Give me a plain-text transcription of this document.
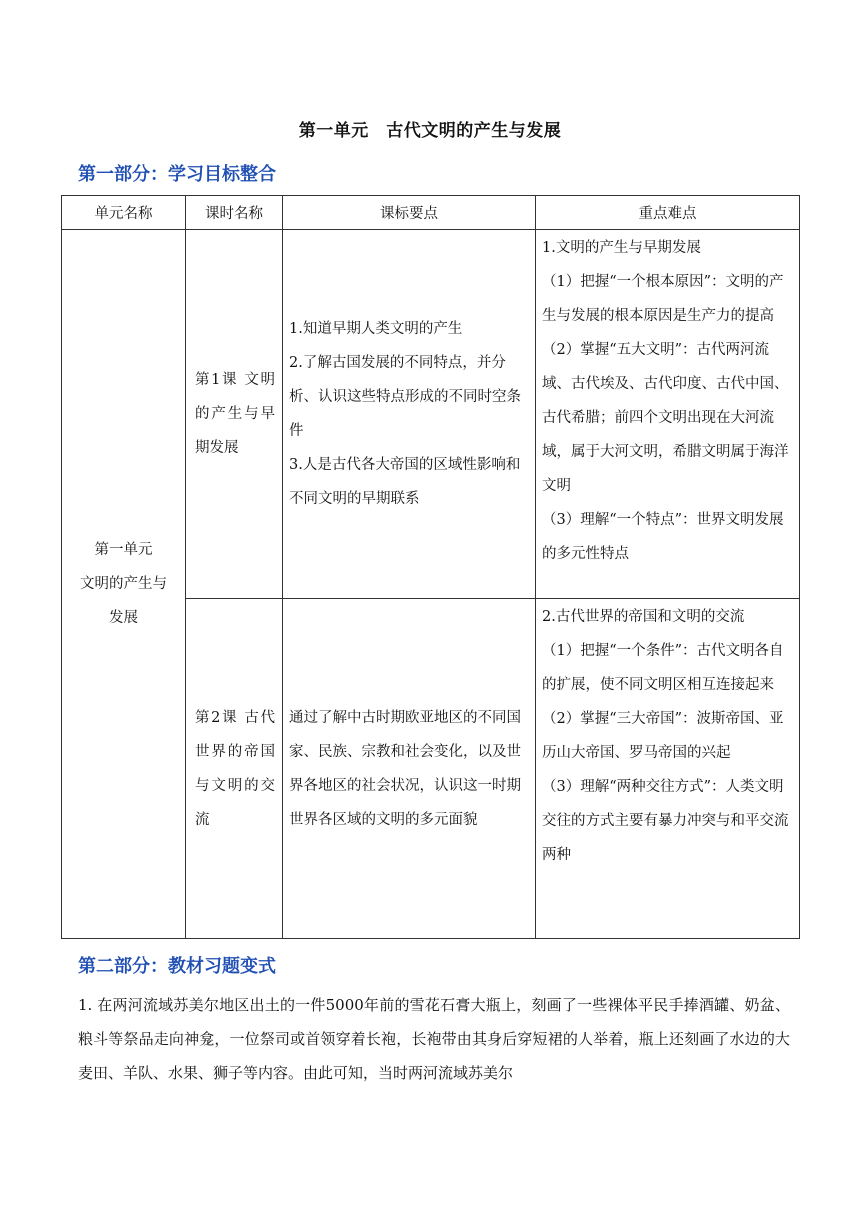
第一单元　古代文明的产生与发展
第一部分：学习目标整合
单元名称	课时名称	课标要点	重点难点

第一单元
文明的产生与
发展	第1课 文明的产生与早期发展	1.知道早期人类文明的产生
2.了解古国发展的不同特点，并分析、认识这些特点形成的不同时空条件
3.人是古代各大帝国的区域性影响和不同文明的早期联系	1.文明的产生与早期发展
（1）把握“一个根本原因”：文明的产生与发展的根本原因是生产力的提高
（2）掌握“五大文明”：古代两河流域、古代埃及、古代印度、古代中国、古代希腊；前四个文明出现在大河流域，属于大河文明，希腊文明属于海洋文明
（3）理解“一个特点”：世界文明发展的多元性特点

	第2课 古代世界的帝国与文明的交流	通过了解中古时期欧亚地区的不同国家、民族、宗教和社会变化，以及世界各地区的社会状况，认识这一时期世界各区域的文明的多元面貌	2.古代世界的帝国和文明的交流
（1）把握“一个条件”：古代文明各自的扩展，使不同文明区相互连接起来
（2）掌握“三大帝国”：波斯帝国、亚历山大帝国、罗马帝国的兴起
（3）理解“两种交往方式”：人类文明交往的方式主要有暴力冲突与和平交流两种
第二部分：教材习题变式
1. 在两河流域苏美尔地区出土的一件5000年前的雪花石膏大瓶上，刻画了一些裸体平民手捧酒罐、奶盆、粮斗等祭品走向神龛，一位祭司或首领穿着长袍，长袍带由其身后穿短裙的人举着，瓶上还刻画了水边的大麦田、羊队、水果、狮子等内容。由此可知，当时两河流域苏美尔
